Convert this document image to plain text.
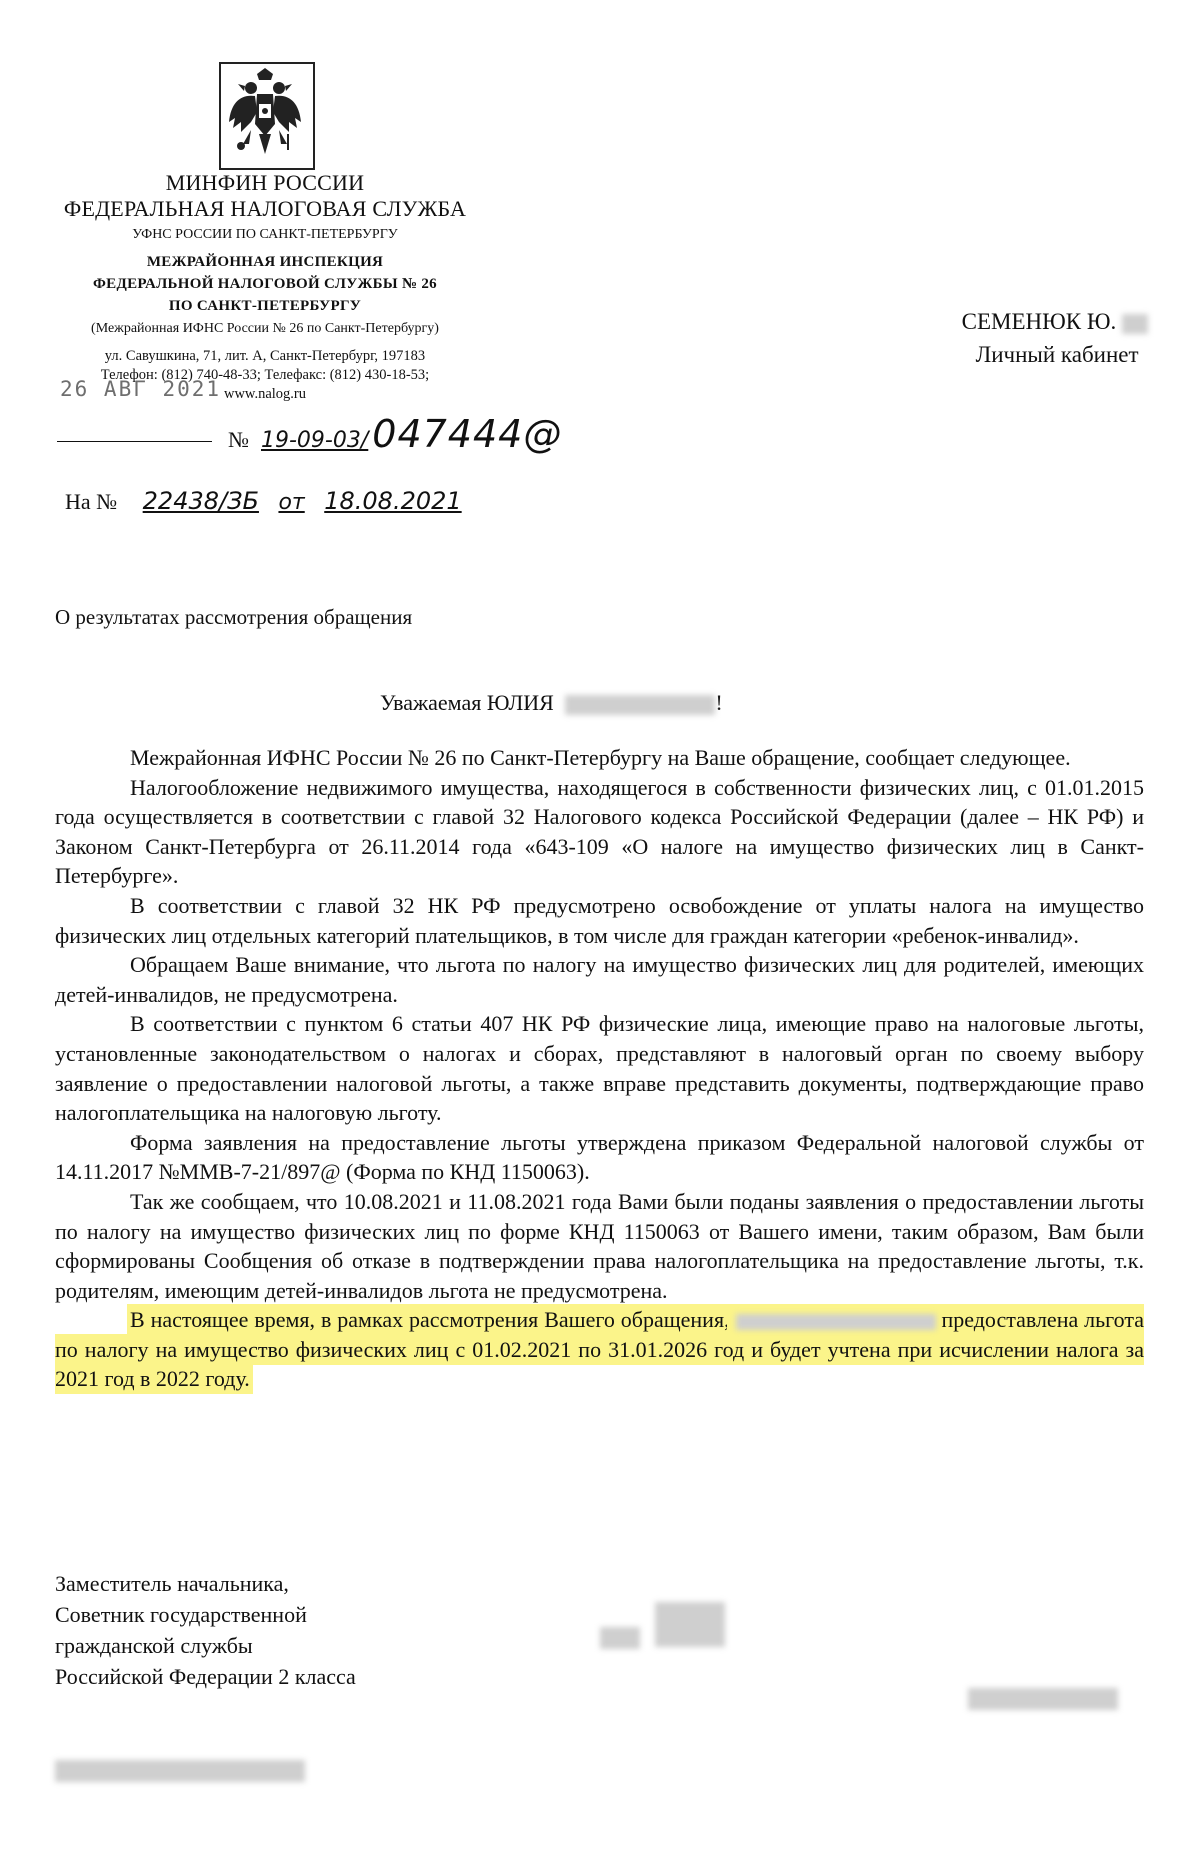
МИНФИН РОССИИ
ФЕДЕРАЛЬНАЯ НАЛОГОВАЯ СЛУЖБА
УФНС РОССИИ ПО САНКТ-ПЕТЕРБУРГУ
МЕЖРАЙОННАЯ ИНСПЕКЦИЯ
ФЕДЕРАЛЬНОЙ НАЛОГОВОЙ СЛУЖБЫ № 26
ПО САНКТ-ПЕТЕРБУРГУ
(Межрайонная ИФНС России № 26 по Санкт-Петербургу)
ул. Савушкина, 71, лит. А, Санкт-Петербург, 197183
Телефон: (812) 740-48-33; Телефакс: (812) 430-18-53;
www.nalog.ru
26 АВГ 2021
СЕМЕНЮК Ю.
Личный кабинет
№ 19-09-03/ 047444@
На № 22438/ЗБ от 18.08.2021
О результатах рассмотрения обращения
Уважаемая ЮЛИЯ	!

Межрайонная ИФНС России № 26 по Санкт-Петербургу на Ваше обращение, сообщает следующее.

Налогообложение недвижимого имущества, находящегося в собственности физических лиц, с 01.01.2015 года осуществляется в соответствии с главой 32 Налогового кодекса Российской Федерации (далее – НК РФ) и Законом Санкт-Петербурга от 26.11.2014 года «643-109 «О налоге на имущество физических лиц в Санкт-Петербурге».

В соответствии с главой 32 НК РФ предусмотрено освобождение от уплаты налога на имущество физических лиц отдельных категорий плательщиков, в том числе для граждан категории «ребенок-инвалид».

Обращаем Ваше внимание, что льгота по налогу на имущество физических лиц для родителей, имеющих детей-инвалидов, не предусмотрена.

В соответствии с пунктом 6 статьи 407 НК РФ физические лица, имеющие право на налоговые льготы, установленные законодательством о налогах и сборах, представляют в налоговый орган по своему выбору заявление о предоставлении налоговой льготы, а также вправе представить документы, подтверждающие право налогоплательщика на налоговую льготу.

Форма заявления на предоставление льготы утверждена приказом Федеральной налоговой службы от 14.11.2017 №ММВ-7-21/897@ (Форма по КНД 1150063).

Так же сообщаем, что 10.08.2021 и 11.08.2021 года Вами были поданы заявления о предоставлении льготы по налогу на имущество физических лиц по форме КНД 1150063 от Вашего имени, таким образом, Вам были сформированы Сообщения об отказе в подтверждении права налогоплательщика на предоставление льготы, т.к. родителям, имеющим детей-инвалидов льгота не предусмотрена.

В настоящее время, в рамках рассмотрения Вашего обращения,	предоставлена льгота по налогу на имущество физических лиц с 01.02.2021 по 31.01.2026 год и будет учтена при исчислении налога за 2021 год в 2022 году.

Заместитель начальника,
Советник государственной
гражданской службы
Российской Федерации 2 класса
